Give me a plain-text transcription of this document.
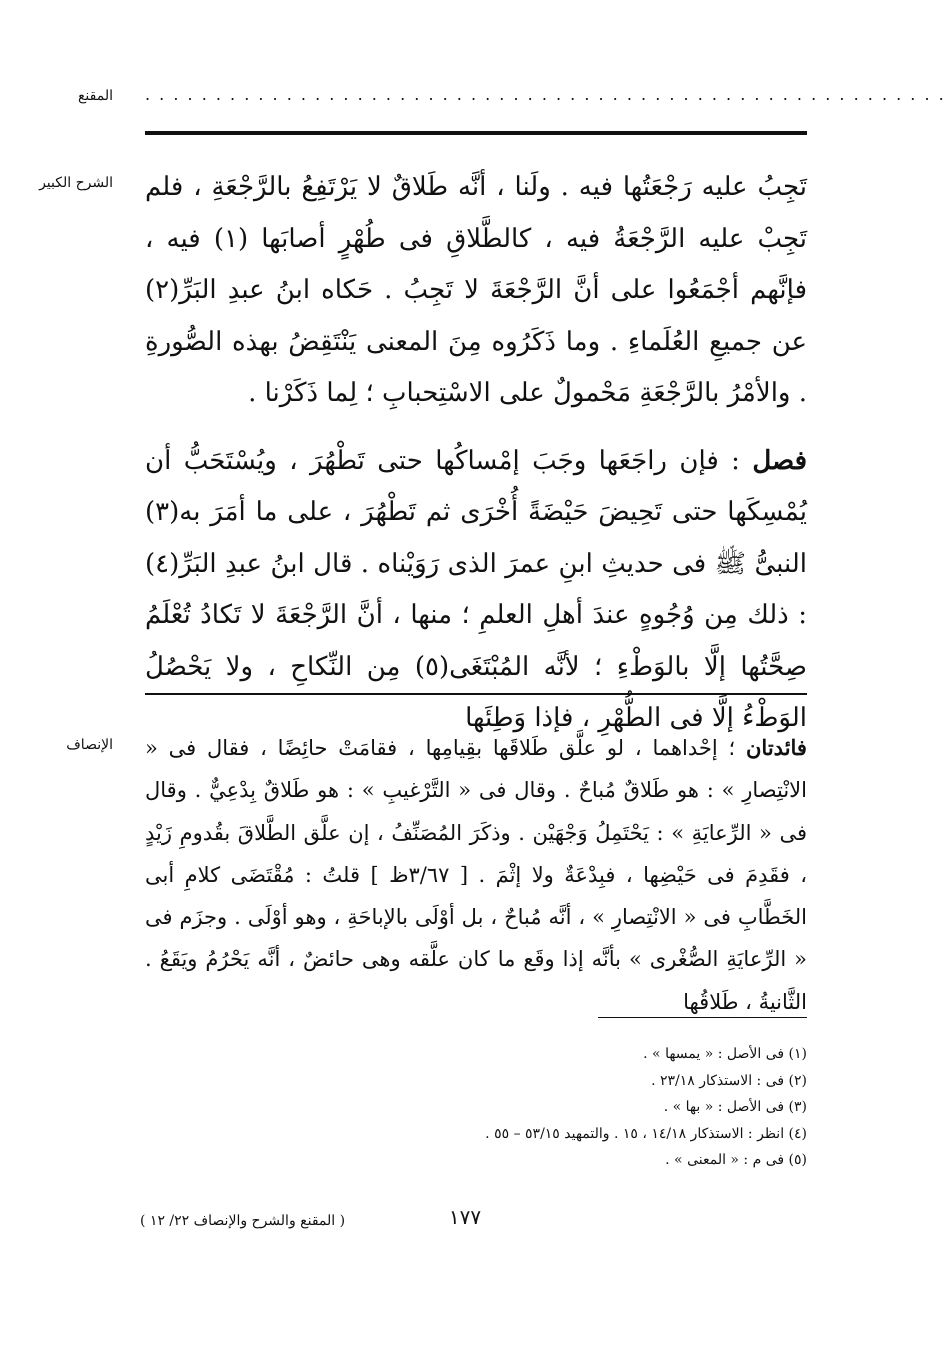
المقنع . . . . . . . . . . . . . . . . . . . . . . . . . . . . . . . . . . . . . . . . . . . . . . . . . . . . . . . . .
الشرح الكبير تَجِبُ عليه رَجْعَتُها فيه . ولَنا ، أنَّه طَلاقٌ لا يَرْتَفِعُ بالرَّجْعَةِ ، فلم تَجِبْ عليه الرَّجْعَةُ فيه ، كالطَّلاقِ فى طُهْرٍ أصابَها (١) فيه ، فإنَّهم أجْمَعُوا على أنَّ الرَّجْعَةَ لا تَجِبُ . حَكاه ابنُ عبدِ البَرِّ(٢) عن جميعِ العُلَماءِ . وما ذَكَرُوه مِنَ المعنى يَنْتَقِضُ بهذه الصُّورةِ . والأمْرُ بالرَّجْعَةِ مَحْمولٌ على الاسْتِحبابِ ؛ لِما ذَكَرْنا .

فصل : فإن راجَعَها وجَبَ إمْساكُها حتى تَطْهُرَ ، ويُسْتَحَبُّ أن يُمْسِكَها حتى تَحِيضَ حَيْضَةً أُخْرَى ثم تَطْهُرَ ، على ما أمَرَ به(٣) النبىُّ ﷺ فى حديثِ ابنِ عمرَ الذى رَوَيْناه . قال ابنُ عبدِ البَرِّ(٤) : ذلك مِن وُجُوهٍ عندَ أهلِ العلمِ ؛ منها ، أنَّ الرَّجْعَةَ لا تَكادُ تُعْلَمُ صِحَّتُها إلَّا بالوَطْءِ ؛ لأنَّه المُبْتَغَى(٥) مِن النِّكاحِ ، ولا يَحْصُلُ الوَطْءُ إلَّا فى الطُّهْرِ ، فإذا وَطِئَها

الإنصاف	فائدتان ؛ إحْداهما ، لو علَّق طَلاقَها بقِيامِها ، فقامَتْ حائِضًا ، فقال فى « الانْتِصارِ » : هو طَلاقٌ مُباحٌ . وقال فى « التَّرْغيبِ » : هو طَلاقٌ بِدْعِيٌّ . وقال فى « الرِّعايَةِ » : يَحْتَمِلُ وَجْهَيْن . وذكَرَ المُصَنِّفُ ، إن علَّق الطَّلاقَ بقُدومِ زَيْدٍ ، فقَدِمَ فى حَيْضِها ، فبِدْعَةٌ ولا إثْمَ . [ ٣/٦٧ظ ] قلتُ : مُقْتَضَى كلامِ أبى الخَطَّابِ فى « الانْتِصارِ » ، أنَّه مُباحٌ ، بل أوْلَى بالإباحَةِ ، وهو أوْلَى . وجزَم فى « الرِّعايَةِ الصُّغْرى » بأنَّه إذا وقَع ما كان علَّقه وهى حائضٌ ، أنَّه يَحْرُمُ ويَقَعُ . الثَّانيةُ ، طَلاقُها
(١) فى الأصل : « يمسها » .
(٢) فى : الاستذكار ٢٣/١٨ .
(٣) فى الأصل : « بها » .
(٤) انظر : الاستذكار ١٤/١٨ ، ١٥ . والتمهيد ٥٣/١٥ – ٥٥ .
(٥) فى م : « المعنى » .
١٧٧
( المقنع والشرح والإنصاف ٢٢/ ١٢ )
